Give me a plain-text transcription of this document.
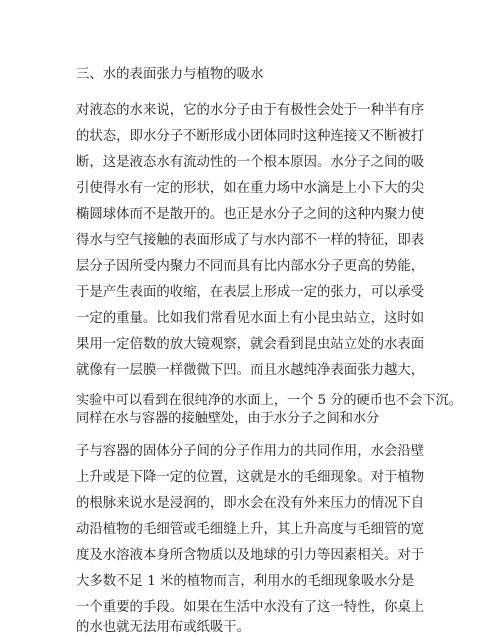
三、水的表面张力与植物的吸水
对液态的水来说，它的水分子由于有极性会处于一种半有序
的状态，即水分子不断形成小团体同时这种连接又不断被打
断，这是液态水有流动性的一个根本原因。水分子之间的吸
引使得水有一定的形状，如在重力场中水滴是上小下大的尖
椭圆球体而不是散开的。也正是水分子之间的这种内聚力使
得水与空气接触的表面形成了与水内部不一样的特征，即表
层分子因所受内聚力不同而具有比内部水分子更高的势能，
于是产生表面的收缩，在表层上形成一定的张力，可以承受
一定的重量。比如我们常看见水面上有小昆虫站立，这时如
果用一定倍数的放大镜观察，就会看到昆虫站立处的水表面
就像有一层膜一样微微下凹。而且水越纯净表面张力越大，
实验中可以看到在很纯净的水面上，一个 5 分的硬币也不会下沉。
同样在水与容器的接触壁处，由于水分子之间和水分
子与容器的固体分子间的分子作用力的共同作用，水会沿壁
上升或是下降一定的位置，这就是水的毛细现象。对于植物
的根脉来说水是浸润的，即水会在没有外来压力的情况下自
动沿植物的毛细管或毛细缝上升，其上升高度与毛细管的宽
度及水溶液本身所含物质以及地球的引力等因素相关。对于
大多数不足 1 米的植物而言，利用水的毛细现象吸水分是
一个重要的手段。如果在生活中水没有了这一特性，你桌上
的水也就无法用布或纸吸干。
